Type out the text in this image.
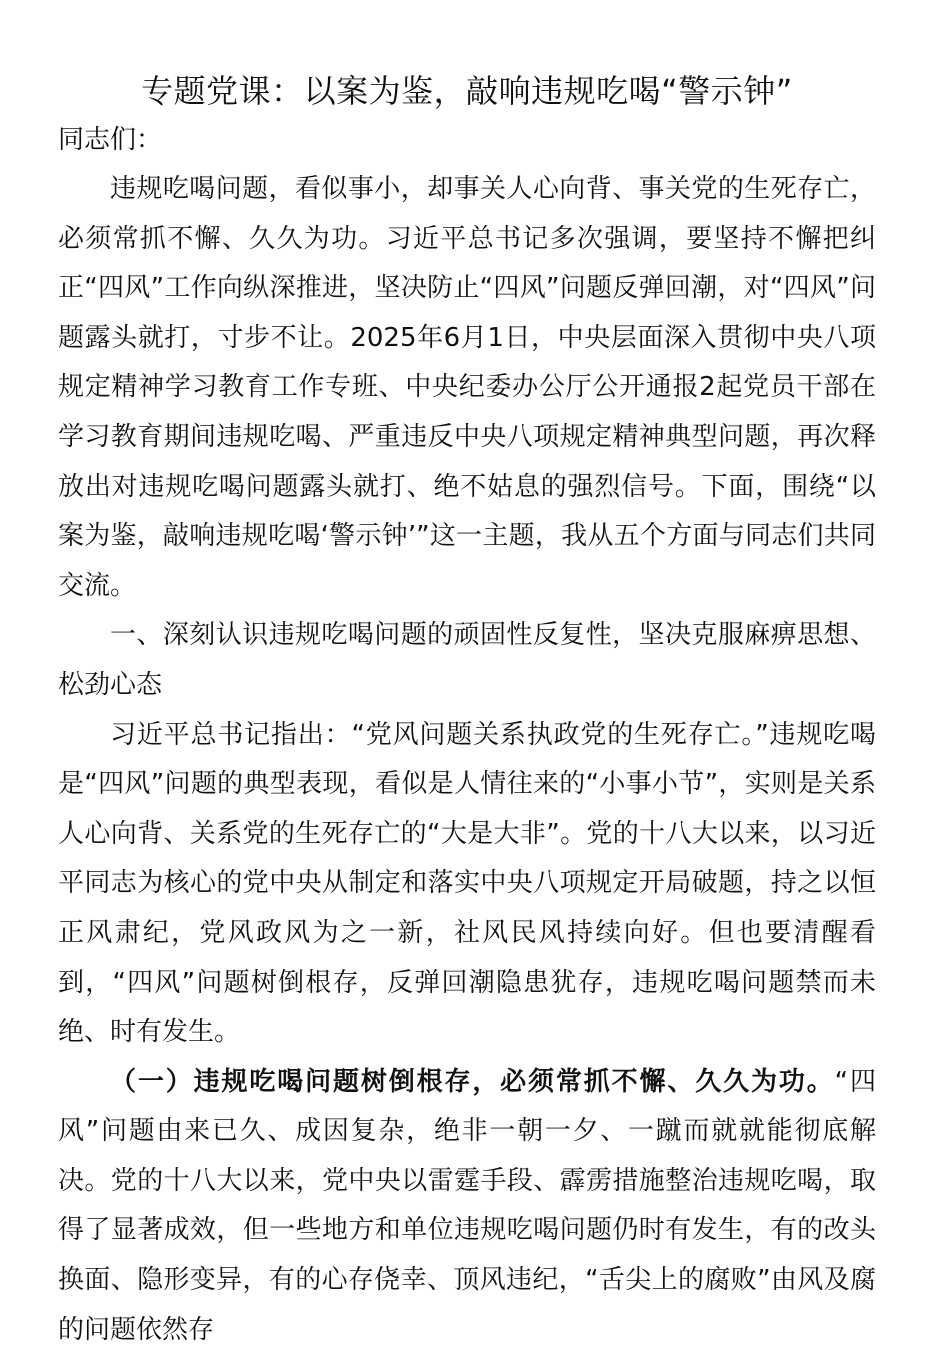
专题党课：以案为鉴，敲响违规吃喝“警示钟”

同志们：

违规吃喝问题，看似事小，却事关人心向背、事关党的生死存亡，必须常抓不懈、久久为功。习近平总书记多次强调，要坚持不懈把纠正“四风”工作向纵深推进，坚决防止“四风”问题反弹回潮，对“四风”问题露头就打，寸步不让。2025年6月1日，中央层面深入贯彻中央八项规定精神学习教育工作专班、中央纪委办公厅公开通报2起党员干部在学习教育期间违规吃喝、严重违反中央八项规定精神典型问题，再次释放出对违规吃喝问题露头就打、绝不姑息的强烈信号。下面，围绕“以案为鉴，敲响违规吃喝‘警示钟’”这一主题，我从五个方面与同志们共同交流。

一、深刻认识违规吃喝问题的顽固性反复性，坚决克服麻痹思想、松劲心态

习近平总书记指出：“党风问题关系执政党的生死存亡。”违规吃喝是“四风”问题的典型表现，看似是人情往来的“小事小节”，实则是关系人心向背、关系党的生死存亡的“大是大非”。党的十八大以来，以习近平同志为核心的党中央从制定和落实中央八项规定开局破题，持之以恒正风肃纪，党风政风为之一新，社风民风持续向好。但也要清醒看到，“四风”问题树倒根存，反弹回潮隐患犹存，违规吃喝问题禁而未绝、时有发生。

（一）违规吃喝问题树倒根存，必须常抓不懈、久久为功。“四风”问题由来已久、成因复杂，绝非一朝一夕、一蹴而就就能彻底解决。党的十八大以来，党中央以雷霆手段、霹雳措施整治违规吃喝，取得了显著成效，但一些地方和单位违规吃喝问题仍时有发生，有的改头换面、隐形变异，有的心存侥幸、顶风违纪，“舌尖上的腐败”由风及腐的问题依然存
